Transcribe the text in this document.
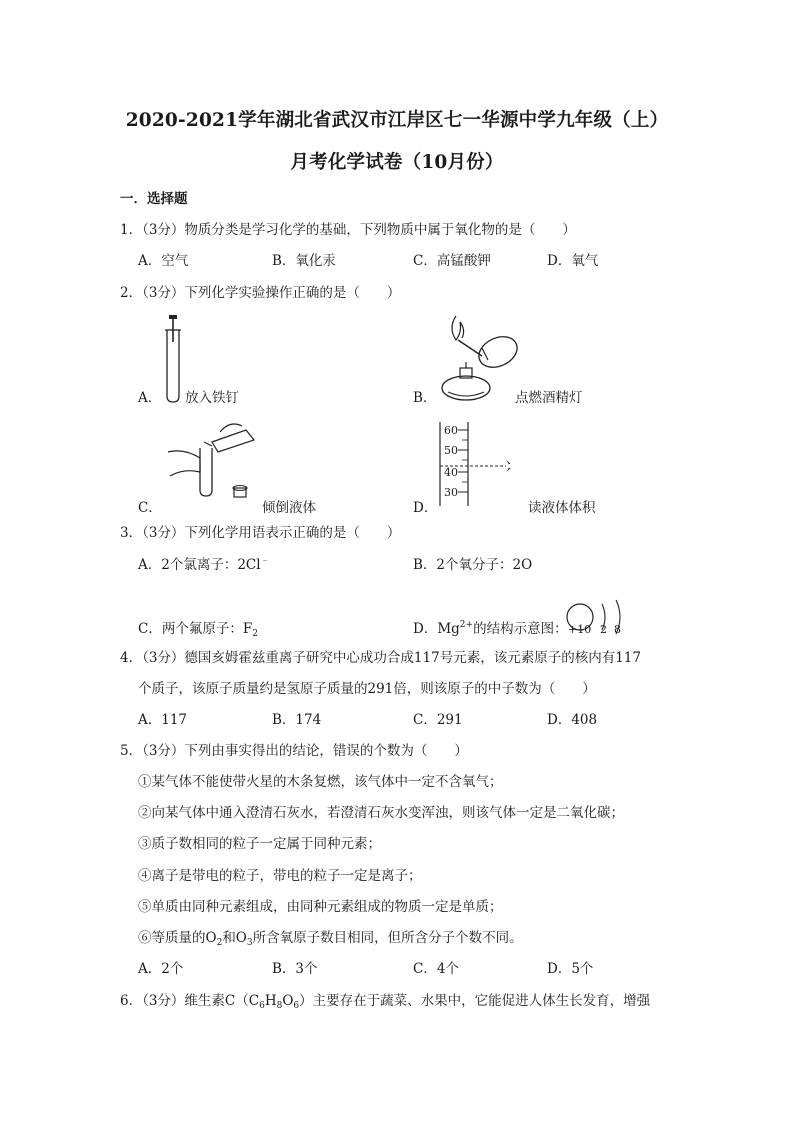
2020-2021学年湖北省武汉市江岸区七一华源中学九年级（上）
月考化学试卷（10月份）
一．选择题
1．（3分）物质分类是学习化学的基础，下列物质中属于氧化物的是（　　）
A．空气	B．氧化汞	C．高锰酸钾	D．氧气
2．（3分）下列化学实验操作正确的是（　　）
A． 放入铁钉	B．	点燃酒精灯
C．	倾倒液体	D．
60
50
40
30
读液体体积
3．（3分）下列化学用语表示正确的是（　　）
A．2个氯离子：2Cl﹣	B．2个氧分子：2O
C．两个氟原子：$F_2$	D．$Mg^{2+}$的结构示意图： +10 2 8
4．（3分）德国亥姆霍兹重离子研究中心成功合成117号元素，该元素原子的核内有117
个质子，该原子质量约是氢原子质量的291倍，则该原子的中子数为（　　）
A．117	B．174	C．291	D．408
5．（3分）下列由事实得出的结论，错误的个数为（　　）
①某气体不能使带火星的木条复燃，该气体中一定不含氧气；
②向某气体中通入澄清石灰水，若澄清石灰水变浑浊，则该气体一定是二氧化碳；
③质子数相同的粒子一定属于同种元素；
④离子是带电的粒子，带电的粒子一定是离子；
⑤单质由同种元素组成，由同种元素组成的物质一定是单质；
⑥等质量的$O_2$和$O_3$所含氧原子数目相同，但所含分子个数不同。
A．2个	B．3个	C．4个	D．5个
6．（3分）维生素$C(C_6H_8O_6)$主要存在于蔬菜、水果中，它能促进人体生长发育，增强
